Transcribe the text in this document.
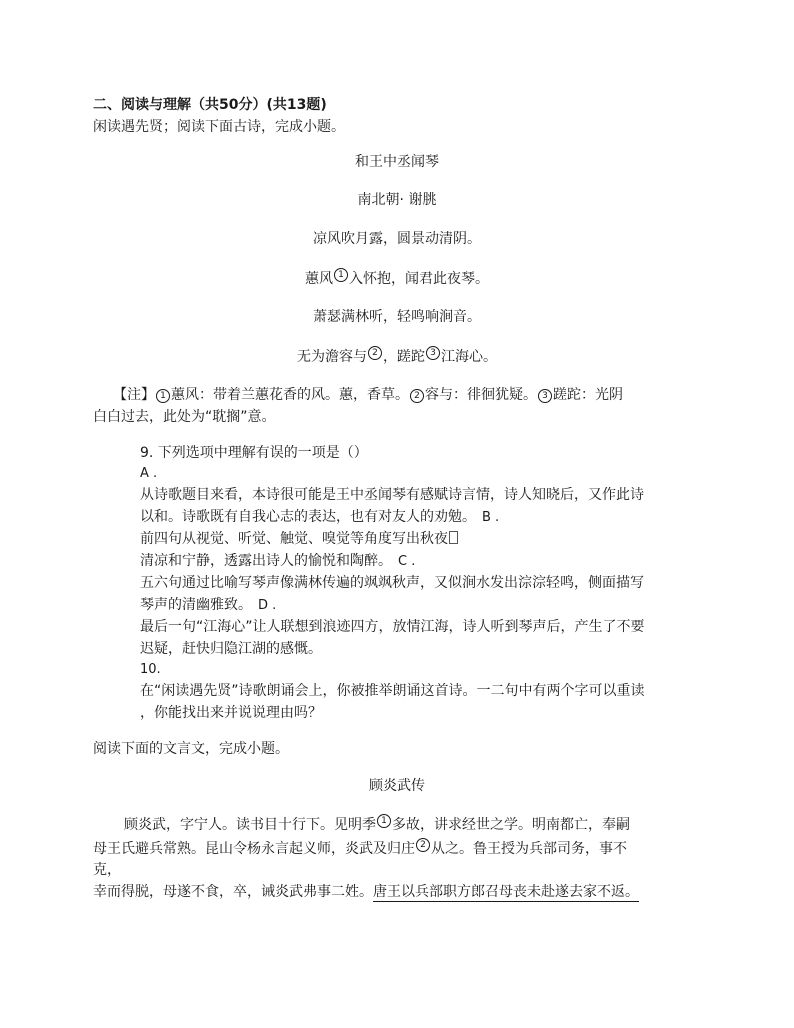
二、阅读与理解（共50分）(共13题)
闲读遇先贤；阅读下面古诗，完成小题。
和王中丞闻琴
南北朝· 谢朓
凉风吹月露，圆景动清阴。
蕙风 1 入怀抱，闻君此夜琴。
萧瑟满林听，轻鸣响涧音。
无为澹容与 2 ，蹉跎 3 江海心。
【注】 1 蕙风：带着兰蕙花香的风。蕙，香草。 2 容与：徘徊犹疑。 3 蹉跎：光阴
白白过去，此处为“耽搁”意。
9. 下列选项中理解有误的一项是（）
A .
从诗歌题目来看，本诗很可能是王中丞闻琴有感赋诗言情，诗人知晓后，又作此诗
以和。诗歌既有自我心志的表达，也有对友人的劝勉。 B .
前四句从视觉、听觉、触觉、嗅觉等角度写出秋夜
清凉和宁静，透露出诗人的愉悦和陶醉。 C .
五六句通过比喻写琴声像满林传遍的飒飒秋声，又似涧水发出淙淙轻鸣，侧面描写
琴声的清幽雅致。 D .
最后一句“江海心”让人联想到浪迹四方，放情江海，诗人听到琴声后，产生了不要
迟疑，赶快归隐江湖的感慨。
10.
在“闲读遇先贤”诗歌朗诵会上，你被推举朗诵这首诗。一二句中有两个字可以重读
，你能找出来并说说理由吗？
阅读下面的文言文，完成小题。
顾炎武传
顾炎武，字宁人。读书目十行下。见明季 1 多故，讲求经世之学。明南都亡，奉嗣
母王氏避兵常熟。昆山令杨永言起义师，炎武及归庄 2 从之。鲁王授为兵部司务，事不
克，
幸而得脱，母遂不食，卒，诫炎武弗事二姓。唐王以兵部职方郎召母丧未赴遂去家不返。
